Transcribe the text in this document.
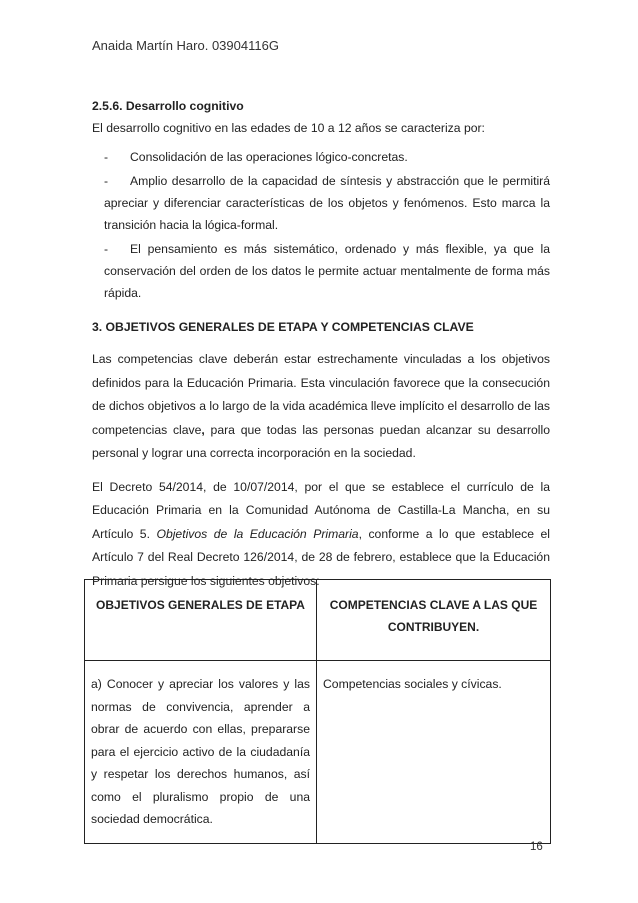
Anaida Martín Haro. 03904116G
2.5.6. Desarrollo cognitivo
El desarrollo cognitivo en las edades de 10 a 12 años se caracteriza por:
- Consolidación de las operaciones lógico-concretas.
- Amplio desarrollo de la capacidad de síntesis y abstracción que le permitirá apreciar y diferenciar características de los objetos y fenómenos. Esto marca la transición hacia la lógica-formal.
- El pensamiento es más sistemático, ordenado y más flexible, ya que la conservación del orden de los datos le permite actuar mentalmente de forma más rápida.
3. OBJETIVOS GENERALES DE ETAPA Y COMPETENCIAS CLAVE

Las competencias clave deberán estar estrechamente vinculadas a los objetivos definidos para la Educación Primaria. Esta vinculación favorece que la consecución de dichos objetivos a lo largo de la vida académica lleve implícito el desarrollo de las competencias clave, para que todas las personas puedan alcanzar su desarrollo personal y lograr una correcta incorporación en la sociedad.

El Decreto 54/2014, de 10/07/2014, por el que se establece el currículo de la Educación Primaria en la Comunidad Autónoma de Castilla-La Mancha, en su Artículo 5. Objetivos de la Educación Primaria, conforme a lo que establece el Artículo 7 del Real Decreto 126/2014, de 28 de febrero, establece que la Educación Primaria persigue los siguientes objetivos:

OBJETIVOS GENERALES DE ETAPA	COMPETENCIAS CLAVE A LAS QUE CONTRIBUYEN.
a) Conocer y apreciar los valores y las normas de convivencia, aprender a obrar de acuerdo con ellas, prepararse para el ejercicio activo de la ciudadanía y respetar los derechos humanos, así como el pluralismo propio de una sociedad democrática.	Competencias sociales y cívicas.
16
